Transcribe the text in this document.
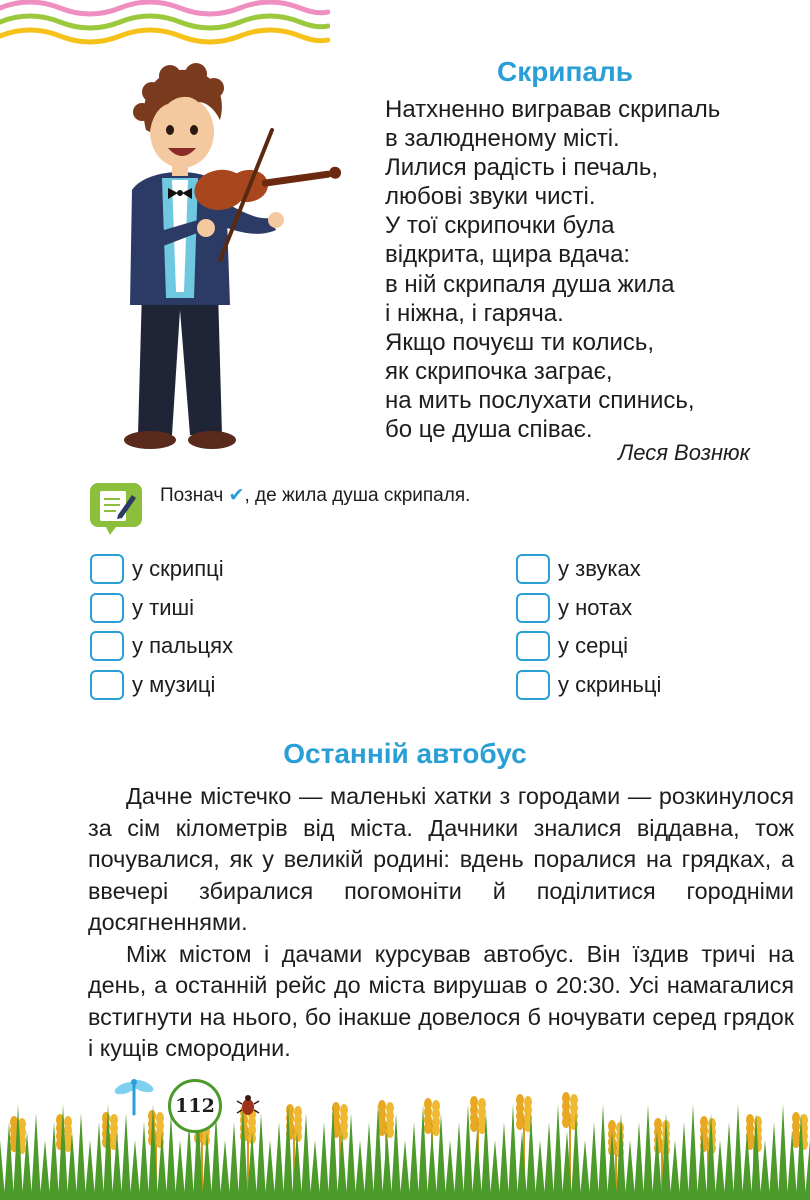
Скрипаль
Натхненно вигравав скрипаль
в залюдненому місті.
Лилися радість і печаль,
любові звуки чисті.
У тої скрипочки була
відкрита, щира вдача:
в ній скрипаля душа жила
і ніжна, і гаряча.
Якщо почуєш ти колись,
як скрипочка заграє,
на мить послухати спинись,
бо це душа співає.
Леся Вознюк
Познач ✔, де жила душа скрипаля.
у скрипці
у тиші
у пальцях
у музиці
у звуках
у нотах
у серці
у скриньці
Останній автобус

Дачне містечко — маленькі хатки з городами — розкинулося за сім кілометрів від міста. Дачники зналися віддавна, тож почувалися, як у великій родині: вдень поралися на грядках, а ввечері збиралися погомоніти й поділитися городніми досягненнями.

Між містом і дачами курсував автобус. Він їздив тричі на день, а останній рейс до міста вирушав о 20:30. Усі намагалися встигнути на нього, бо інакше довелося б ночувати серед грядок і кущів смородини.

112
